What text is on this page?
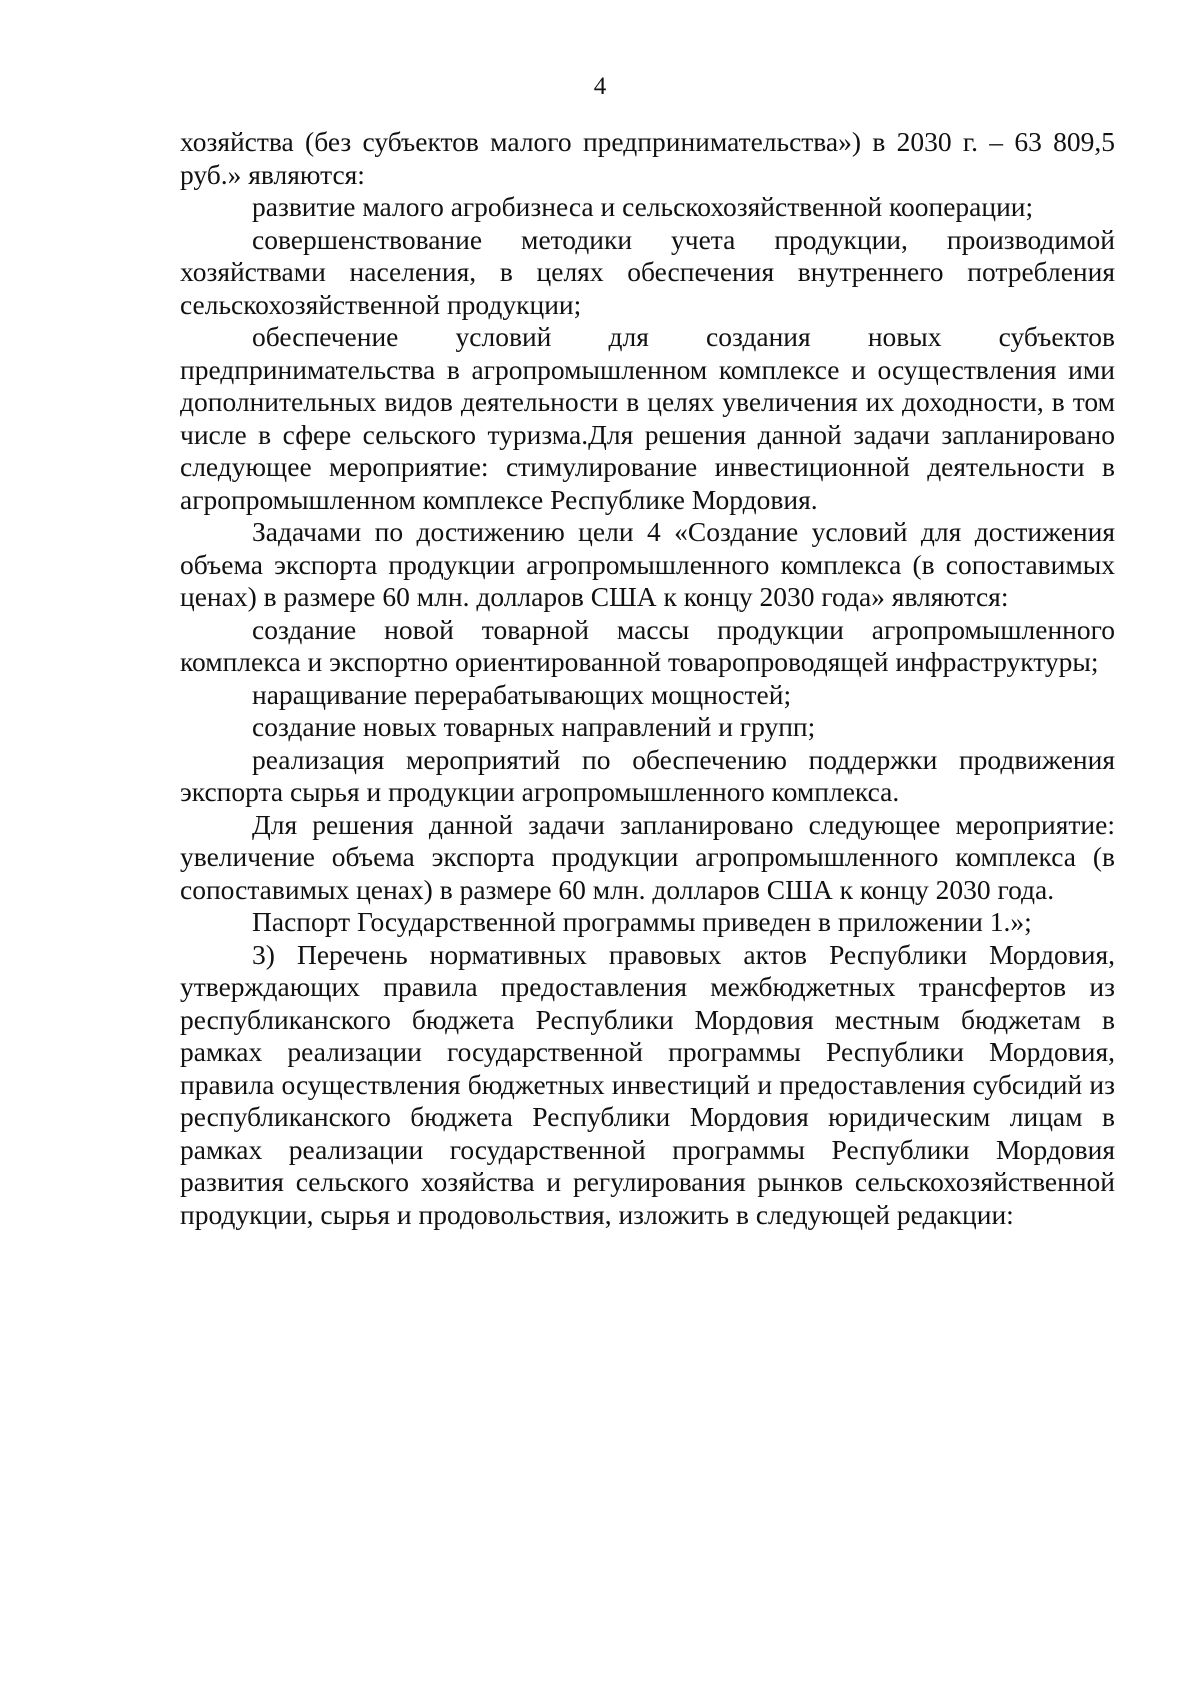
4

хозяйства (без субъектов малого предпринимательства») в 2030 г. – 63 809,5 руб.» являются:

развитие малого агробизнеса и сельскохозяйственной кооперации;

совершенствование методики учета продукции, производимой хозяйствами населения, в целях обеспечения внутреннего потребления сельскохозяйственной продукции;

обеспечение условий для создания новых субъектов предпринимательства в агропромышленном комплексе и осуществления ими дополнительных видов деятельности в целях увеличения их доходности, в том числе в сфере сельского туризма.Для решения данной задачи запланировано следующее мероприятие: стимулирование инвестиционной деятельности в агропромышленном комплексе Республике Мордовия.

Задачами по достижению цели 4 «Создание условий для достижения объема экспорта продукции агропромышленного комплекса (в сопоставимых ценах) в размере 60 млн. долларов США к концу 2030 года» являются:

создание новой товарной массы продукции агропромышленного комплекса и экспортно ориентированной товаропроводящей инфраструктуры;

наращивание перерабатывающих мощностей;

создание новых товарных направлений и групп;

реализация мероприятий по обеспечению поддержки продвижения экспорта сырья и продукции агропромышленного комплекса.

Для решения данной задачи запланировано следующее мероприятие: увеличение объема экспорта продукции агропромышленного комплекса (в сопоставимых ценах) в размере 60 млн. долларов США к концу 2030 года.

Паспорт Государственной программы приведен в приложении 1.»;

3) Перечень нормативных правовых актов Республики Мордовия, утверждающих правила предоставления межбюджетных трансфертов из республиканского бюджета Республики Мордовия местным бюджетам в рамках реализации государственной программы Республики Мордовия, правила осуществления бюджетных инвестиций и предоставления субсидий из республиканского бюджета Республики Мордовия юридическим лицам в рамках реализации государственной программы Республики Мордовия развития сельского хозяйства и регулирования рынков сельскохозяйственной продукции, сырья и продовольствия, изложить в следующей редакции:
